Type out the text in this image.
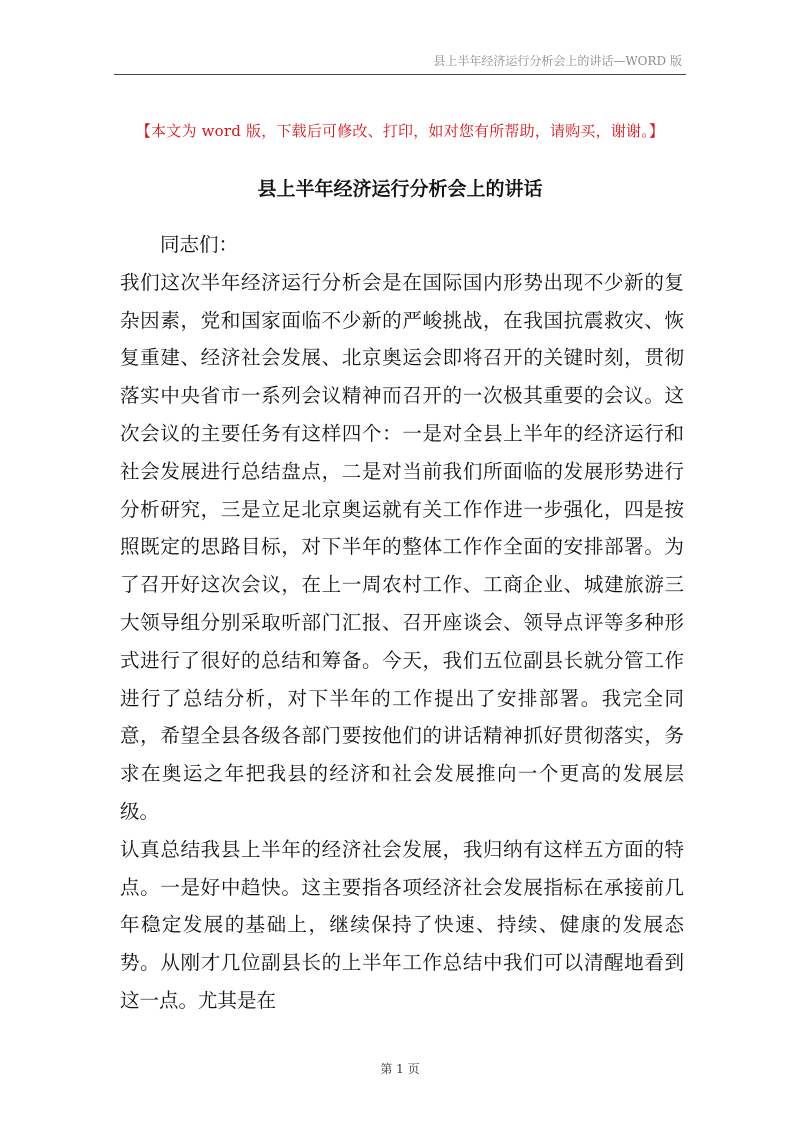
县上半年经济运行分析会上的讲话—WORD 版
【本文为 word 版，下载后可修改、打印，如对您有所帮助，请购买，谢谢。】
县上半年经济运行分析会上的讲话

同志们：

我们这次半年经济运行分析会是在国际国内形势出现不少新的复杂因素，党和国家面临不少新的严峻挑战，在我国抗震救灾、恢复重建、经济社会发展、北京奥运会即将召开的关键时刻，贯彻落实中央省市一系列会议精神而召开的一次极其重要的会议。这次会议的主要任务有这样四个：一是对全县上半年的经济运行和社会发展进行总结盘点，二是对当前我们所面临的发展形势进行分析研究，三是立足北京奥运就有关工作作进一步强化，四是按照既定的思路目标，对下半年的整体工作作全面的安排部署。为了召开好这次会议，在上一周农村工作、工商企业、城建旅游三大领导组分别采取听部门汇报、召开座谈会、领导点评等多种形式进行了很好的总结和筹备。今天，我们五位副县长就分管工作进行了总结分析，对下半年的工作提出了安排部署。我完全同意，希望全县各级各部门要按他们的讲话精神抓好贯彻落实，务求在奥运之年把我县的经济和社会发展推向一个更高的发展层级。

认真总结我县上半年的经济社会发展，我归纳有这样五方面的特点。一是好中趋快。这主要指各项经济社会发展指标在承接前几年稳定发展的基础上，继续保持了快速、持续、健康的发展态势。从刚才几位副县长的上半年工作总结中我们可以清醒地看到这一点。尤其是在

第 1 页
